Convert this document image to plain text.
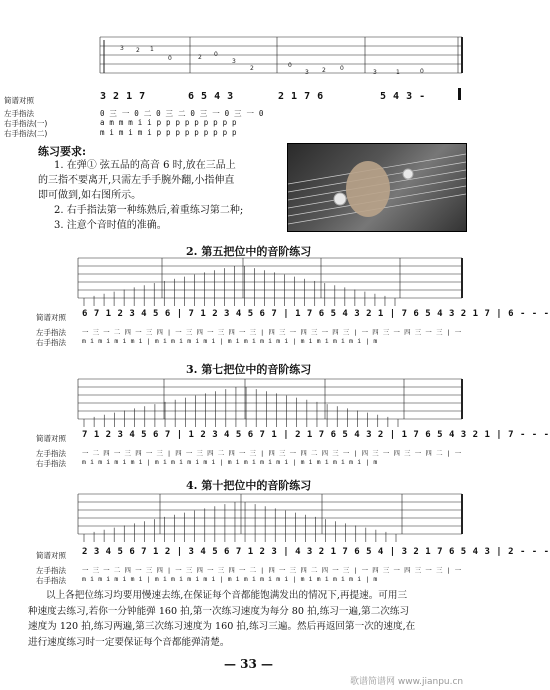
3 2 1
0	2 0
3
2	0
3 2 0
3	1	0
简谱对照
左手指法
右手指法(一)
右手指法(二)
3 2 1 7	6 5 4 3	2 1 7 6	5 4 3 -
0 三 一 0 二 0 三 二 0 三 一 0 三 一 0
a m m m i i p p p p p p p p p
m i m i m i p p p p p p p p p
练习要求:
1. 在弹① 弦五品的高音 6 时,放在三品上
的三指不要离开,只需左手手腕外翻,小指伸直
即可做到,如右图所示。
2. 右手指法第一种练熟后,着重练习第二种;
3. 注意个音时值的准确。
2. 第五把位中的音阶练习
3. 第七把位中的音阶练习
4. 第十把位中的音阶练习
简谱对照
左手指法
右手指法
6 7 1 2 3 4 5 6 | 7 1 2 3 4 5 6 7 | 1 7 6 5 4 3 2 1 | 7 6 5 4 3 2 1 7 | 6 - - -
一 三 一 二 四 一 三 四 | 一 三 四 一 三 四 一 三 | 四 三 一 四 三 一 四 三 | 一 四 三 一 四 三 一 三 | 一
m i m i m i m i | m i m i m i m i | m i m i m i m i | m i m i m i m i | m
简谱对照
左手指法
右手指法
7 1 2 3 4 5 6 7 | 1 2 3 4 5 6 7 1 | 2 1 7 6 5 4 3 2 | 1 7 6 5 4 3 2 1 | 7 - - -
一 二 四 一 三 四 一 三 | 四 一 三 四 二 四 一 三 | 四 三 一 四 二 四 三 一 | 四 三 一 四 三 一 四 二 | 一
m i m i m i m i | m i m i m i m i | m i m i m i m i | m i m i m i m i | m
简谱对照
左手指法
右手指法
2 3 4 5 6 7 1 2 | 3 4 5 6 7 1 2 3 | 4 3 2 1 7 6 5 4 | 3 2 1 7 6 5 4 3 | 2 - - -
一 三 一 二 四 一 三 四 | 一 三 四 一 三 四 一 二 | 四 一 三 四 二 四 一 三 | 一 四 三 一 四 三 一 三 | 一
m i m i m i m i | m i m i m i m i | m i m i m i m i | m i m i m i m i | m
以上各把位练习均要用慢速去练,在保证每个音都能饱满发出的情况下,再提速。可用三
种速度去练习,若你一分钟能弹 160 拍,第一次练习速度为每分 80 拍,练习一遍,第二次练习
速度为 120 拍,练习两遍,第三次练习速度为 160 拍,练习三遍。然后再返回第一次的速度,在
进行速度练习时一定要保证每个音都能弹清楚。
— 33 —
歌谱简谱网 www.jianpu.cn
